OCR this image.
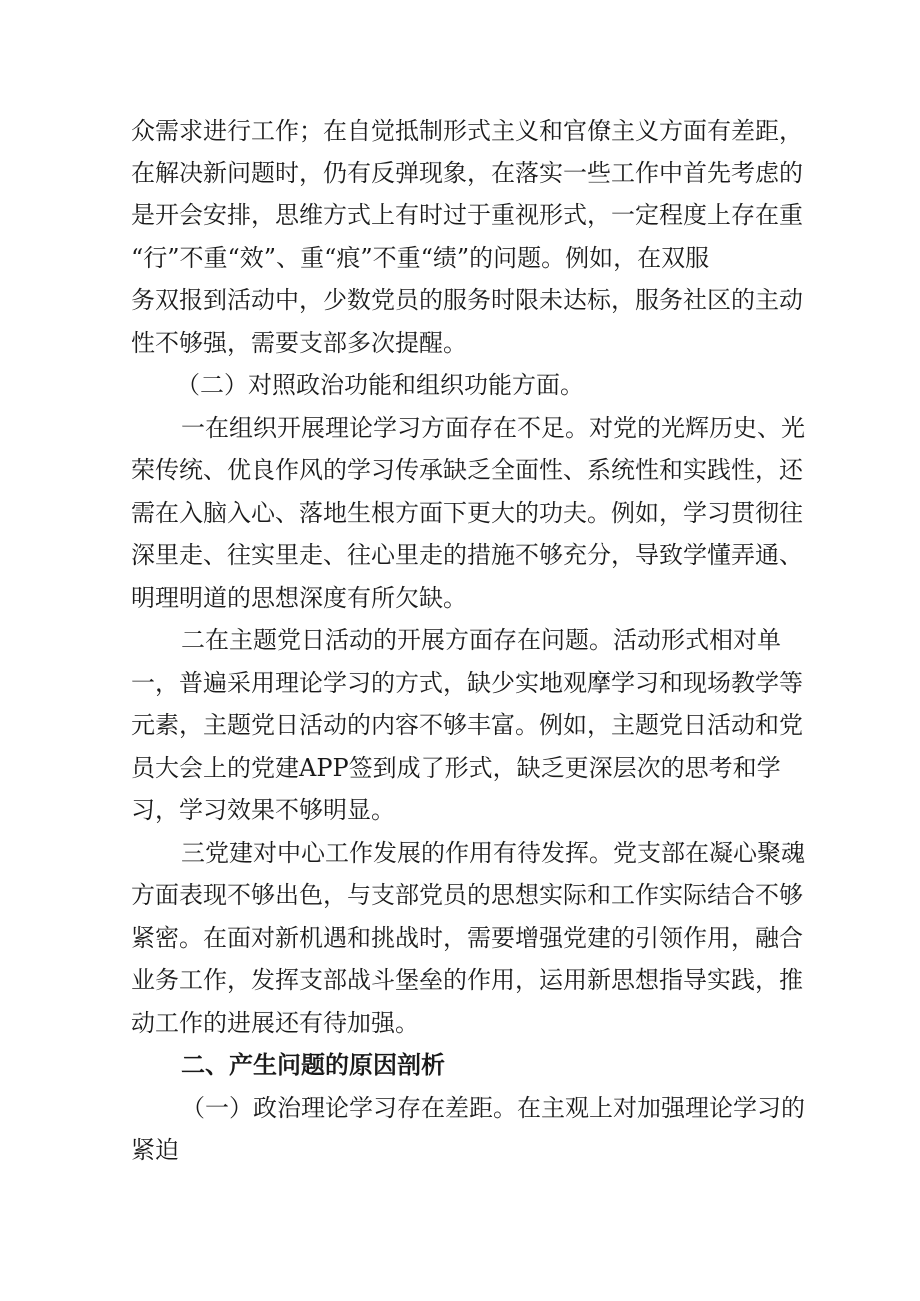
众需求进行工作；在自觉抵制形式主义和官僚主义方面有差距，
在解决新问题时，仍有反弹现象，在落实一些工作中首先考虑的
是开会安排，思维方式上有时过于重视形式，一定程度上存在重
“行”不重“效”、重“痕”不重“绩”的问题。例如，在双服
务双报到活动中，少数党员的服务时限未达标，服务社区的主动
性不够强，需要支部多次提醒。
（二）对照政治功能和组织功能方面。
一在组织开展理论学习方面存在不足。对党的光辉历史、光
荣传统、优良作风的学习传承缺乏全面性、系统性和实践性，还
需在入脑入心、落地生根方面下更大的功夫。例如，学习贯彻往
深里走、往实里走、往心里走的措施不够充分，导致学懂弄通、
明理明道的思想深度有所欠缺。
二在主题党日活动的开展方面存在问题。活动形式相对单
一，普遍采用理论学习的方式，缺少实地观摩学习和现场教学等
元素，主题党日活动的内容不够丰富。例如，主题党日活动和党
员大会上的党建APP签到成了形式，缺乏更深层次的思考和学
习，学习效果不够明显。
三党建对中心工作发展的作用有待发挥。党支部在凝心聚魂
方面表现不够出色，与支部党员的思想实际和工作实际结合不够
紧密。在面对新机遇和挑战时，需要增强党建的引领作用，融合
业务工作，发挥支部战斗堡垒的作用，运用新思想指导实践，推
动工作的进展还有待加强。
二、产生问题的原因剖析
（一）政治理论学习存在差距。在主观上对加强理论学习的
紧迫
